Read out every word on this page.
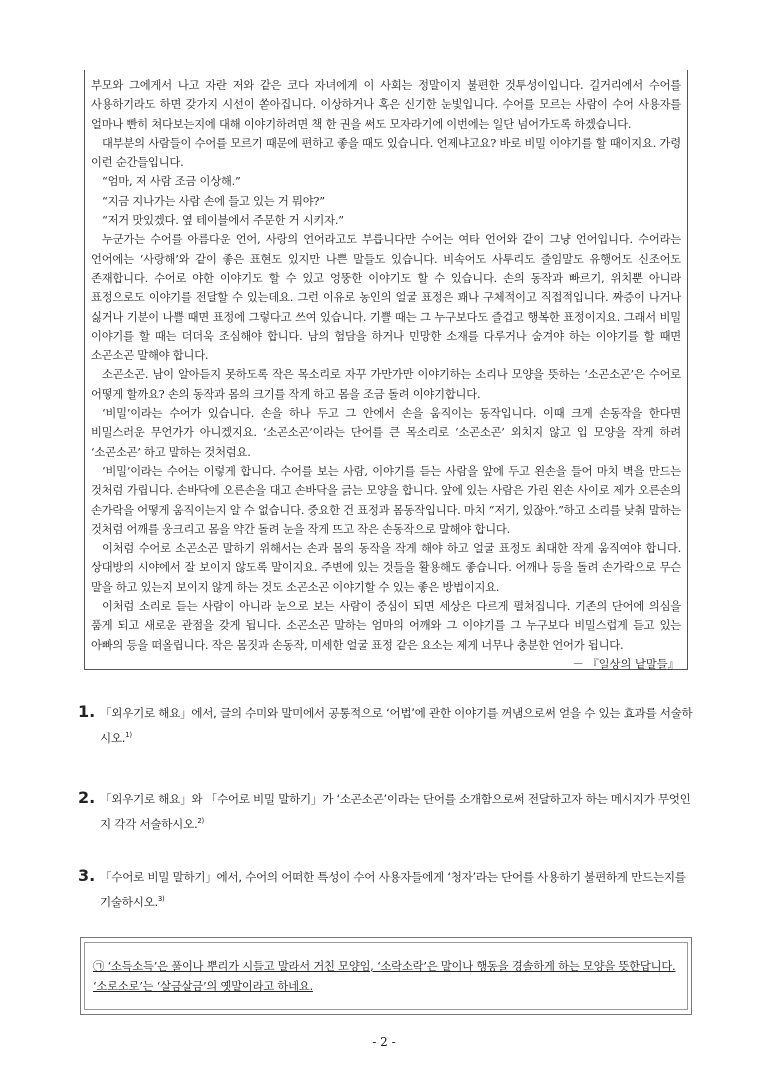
부모와 그에게서 나고 자란 저와 같은 코다 자녀에게 이 사회는 정말이지 불편한 것투성이입니다. 길거리에서 수어를 사용하기라도 하면 갖가지 시선이 쏟아집니다. 이상하거나 혹은 신기한 눈빛입니다. 수어를 모르는 사람이 수어 사용자를 얼마나 빤히 쳐다보는지에 대해 이야기하려면 책 한 권을 써도 모자라기에 이번에는 일단 넘어가도록 하겠습니다.

대부분의 사람들이 수어를 모르기 때문에 편하고 좋을 때도 있습니다. 언제냐고요? 바로 비밀 이야기를 할 때이지요. 가령 이런 순간들입니다.

“엄마, 저 사람 조금 이상해.”

“지금 지나가는 사람 손에 들고 있는 거 뭐야?”

“저거 맛있겠다. 옆 테이블에서 주문한 거 시키자.”

누군가는 수어를 아름다운 언어, 사랑의 언어라고도 부릅니다만 수어는 여타 언어와 같이 그냥 언어입니다. 수어라는 언어에는 ‘사랑해’와 같이 좋은 표현도 있지만 나쁜 말들도 있습니다. 비속어도 사투리도 줄임말도 유행어도 신조어도 존재합니다. 수어로 야한 이야기도 할 수 있고 엉뚱한 이야기도 할 수 있습니다. 손의 동작과 빠르기, 위치뿐 아니라 표정으로도 이야기를 전달할 수 있는데요. 그런 이유로 농인의 얼굴 표정은 꽤나 구체적이고 직접적입니다. 짜증이 나거나 싫거나 기분이 나쁠 때면 표정에 그렇다고 쓰여 있습니다. 기쁠 때는 그 누구보다도 즐겁고 행복한 표정이지요. 그래서 비밀 이야기를 할 때는 더더욱 조심해야 합니다. 남의 험담을 하거나 민망한 소재를 다루거나 숨겨야 하는 이야기를 할 때면 소곤소곤 말해야 합니다.

소곤소곤. 남이 알아듣지 못하도록 작은 목소리로 자꾸 가만가만 이야기하는 소리나 모양을 뜻하는 ‘소곤소곤’은 수어로 어떻게 할까요? 손의 동작과 몸의 크기를 작게 하고 몸을 조금 돌려 이야기합니다.

‘비밀’이라는 수어가 있습니다. 손을 하나 두고 그 안에서 손을 움직이는 동작입니다. 이때 크게 손동작을 한다면 비밀스러운 무언가가 아니겠지요. ‘소곤소곤’이라는 단어를 큰 목소리로 ‘소곤소곤’ 외치지 않고 입 모양을 작게 하려 ‘소곤소곤’ 하고 말하는 것처럼요.

‘비밀’이라는 수어는 이렇게 합니다. 수어를 보는 사람, 이야기를 듣는 사람을 앞에 두고 왼손을 들어 마치 벽을 만드는 것처럼 가립니다. 손바닥에 오른손을 대고 손바닥을 긁는 모양을 합니다. 앞에 있는 사람은 가린 왼손 사이로 제가 오른손의 손가락을 어떻게 움직이는지 알 수 없습니다. 중요한 건 표정과 몸동작입니다. 마치 “저기, 있잖아.”하고 소리를 낮춰 말하는 것처럼 어깨를 웅크리고 몸을 약간 돌려 눈을 작게 뜨고 작은 손동작으로 말해야 합니다.

이처럼 수어로 소곤소곤 말하기 위해서는 손과 몸의 동작을 작게 해야 하고 얼굴 표정도 최대한 작게 움직여야 합니다. 상대방의 시야에서 잘 보이지 않도록 말이지요. 주변에 있는 것들을 활용해도 좋습니다. 어깨나 등을 돌려 손가락으로 무슨 말을 하고 있는지 보이지 않게 하는 것도 소곤소곤 이야기할 수 있는 좋은 방법이지요.

이처럼 소리로 듣는 사람이 아니라 눈으로 보는 사람이 중심이 되면 세상은 다르게 펼쳐집니다. 기존의 단어에 의심을 품게 되고 새로운 관점을 갖게 됩니다. 소곤소곤 말하는 엄마의 어깨와 그 이야기를 그 누구보다 비밀스럽게 듣고 있는 아빠의 등을 떠올립니다. 작은 몸짓과 손동작, 미세한 얼굴 표정 같은 요소는 제게 너무나 충분한 언어가 됩니다.

－ 『일상의 낱말들』

1. 「외우기로 해요」에서, 글의 수미와 말미에서 공통적으로 ‘어법’에 관한 이야기를 꺼냄으로써 얻을 수 있는 효과를 서술하시오.$^{1)}$
2. 「외우기로 해요」와 「수어로 비밀 말하기」가 ‘소곤소곤’이라는 단어를 소개함으로써 전달하고자 하는 메시지가 무엇인지 각각 서술하시오.$^{2)}$
3. 「수어로 비밀 말하기」에서, 수어의 어떠한 특성이 수어 사용자들에게 ‘청자’라는 단어를 사용하기 불편하게 만드는지를 기술하시오.$^{3)}$

㉠ ‘소득소득’은 풀이나 뿌리가 시들고 말라서 거친 모양임, ‘소락소락’은 말이나 행동을 경솔하게 하는 모양을 뜻한답니다. ‘소로소로’는 ‘살금살금’의 옛말이라고 하네요.

- 2 -
